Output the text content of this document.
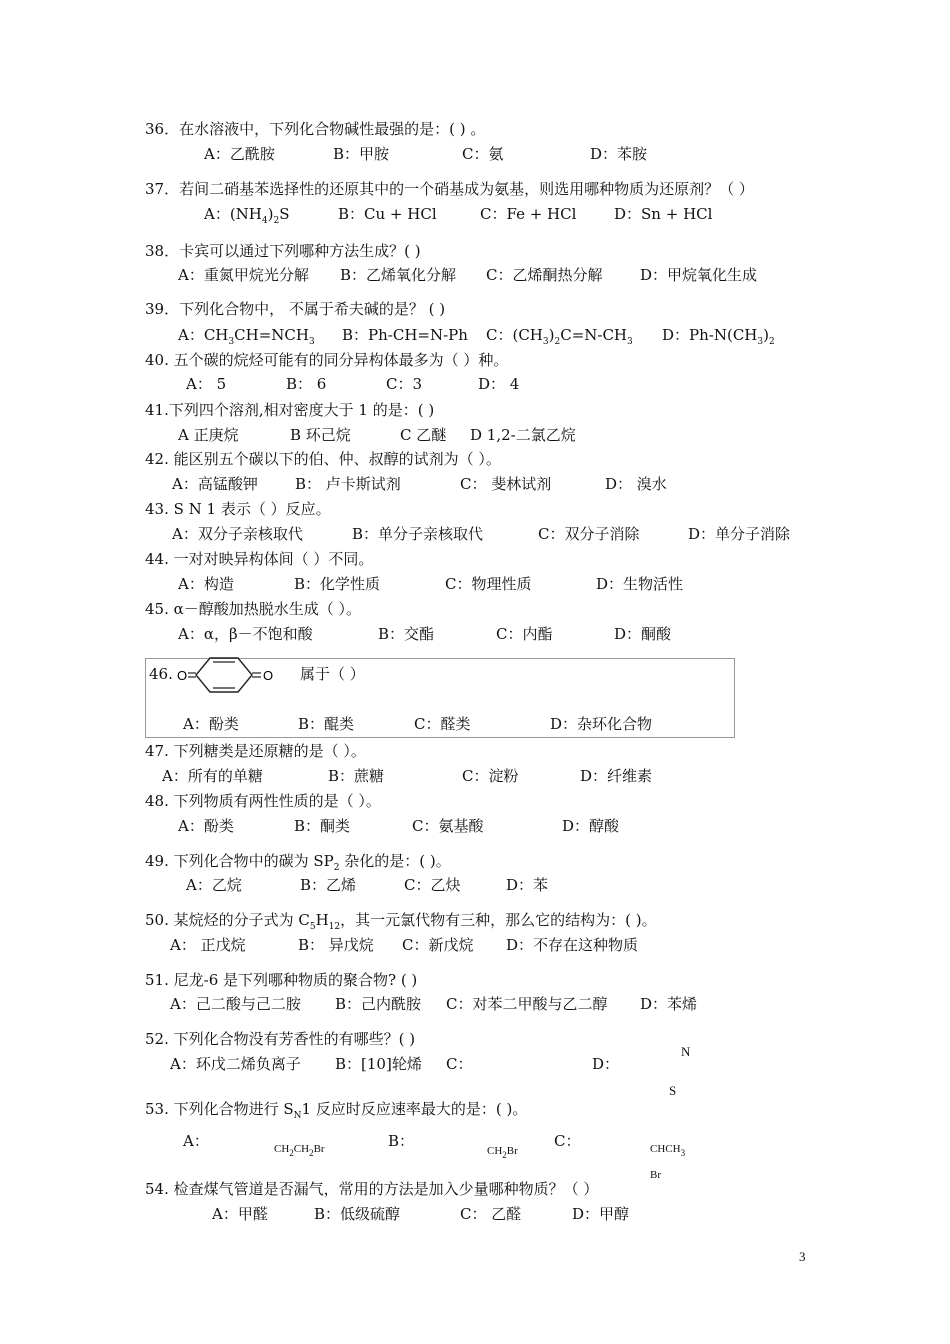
36．在水溶液中，下列化合物碱性最强的是：( ) 。
A：乙酰胺	B：甲胺	C：氨	D：苯胺
37．若间二硝基苯选择性的还原其中的一个硝基成为氨基，则选用哪种物质为还原剂？（ ）
A：$(NH_4)_2S$	B：Cu + HCl	C：Fe + HCl	D：Sn + HCl
38．卡宾可以通过下列哪种方法生成？( )
A：重氮甲烷光分解 B：乙烯氧化分解 C：乙烯酮热分解	D：甲烷氧化生成
39．下列化合物中， 不属于希夫碱的是？ ( )
A：$CH_3CH=NCH_3$ B：Ph-CH=N-Ph C：$(CH_3)_2C=N-CH_3$ D：$Ph-N(CH_3)_2$
40. 五个碳的烷烃可能有的同分异构体最多为（ ）种。
A： 5	B： 6	C：3	D： 4
41.下列四个溶剂,相对密度大于 1 的是：( )
A 正庚烷	B 环己烷	C 乙醚 D 1,2-二氯乙烷
42. 能区别五个碳以下的伯、仲、叔醇的试剂为（ ）。
A：高锰酸钾 B： 卢卡斯试剂	C： 斐林试剂	D： 溴水
43. S N 1 表示（ ）反应。
A：双分子亲核取代	B：单分子亲核取代	C：双分子消除	D：单分子消除
44. 一对对映异构体间（ ）不同。
A：构造	B：化学性质	C：物理性质	D：生物活性
45. α－醇酸加热脱水生成（ ）。
A：α，β－不饱和酸	B：交酯	C：内酯	D：酮酸
46. O	O 属于（ ）
A：酚类	B：醌类	C：醛类	D：杂环化合物
47. 下列糖类是还原糖的是（ ）。
A：所有的单糖	B：蔗糖	C：淀粉	D：纤维素
48. 下列物质有两性性质的是（ ）。
A：酚类	B：酮类	C：氨基酸	D：醇酸
49. 下列化合物中的碳为 $SP_2$ 杂化的是：( )。
A：乙烷	B：乙烯	C：乙炔	D：苯
50. 某烷烃的分子式为 $C_5H_{12}$，其一元氯代物有三种，那么它的结构为：( )。
A： 正戊烷	B： 异戊烷 C：新戊烷 D：不存在这种物质
51. 尼龙-6 是下列哪种物质的聚合物? ( )
A：己二酸与己二胺 B：己内酰胺 C：对苯二甲酸与乙二醇 D：苯烯
52. 下列化合物没有芳香性的有哪些？( )
A：环戊二烯负离子 B：[10]轮烯 C：	D：
N
S
53. 下列化合物进行 $S_N1$ 反应时反应速率最大的是：( )。
A：	$CH_2CH_2Br$	B：
$CH_2Br$
C：	$CHCH_3$
Br
54. 检查煤气管道是否漏气，常用的方法是加入少量哪种物质？（ ）
A：甲醛	B：低级硫醇	C： 乙醛	D：甲醇
3
